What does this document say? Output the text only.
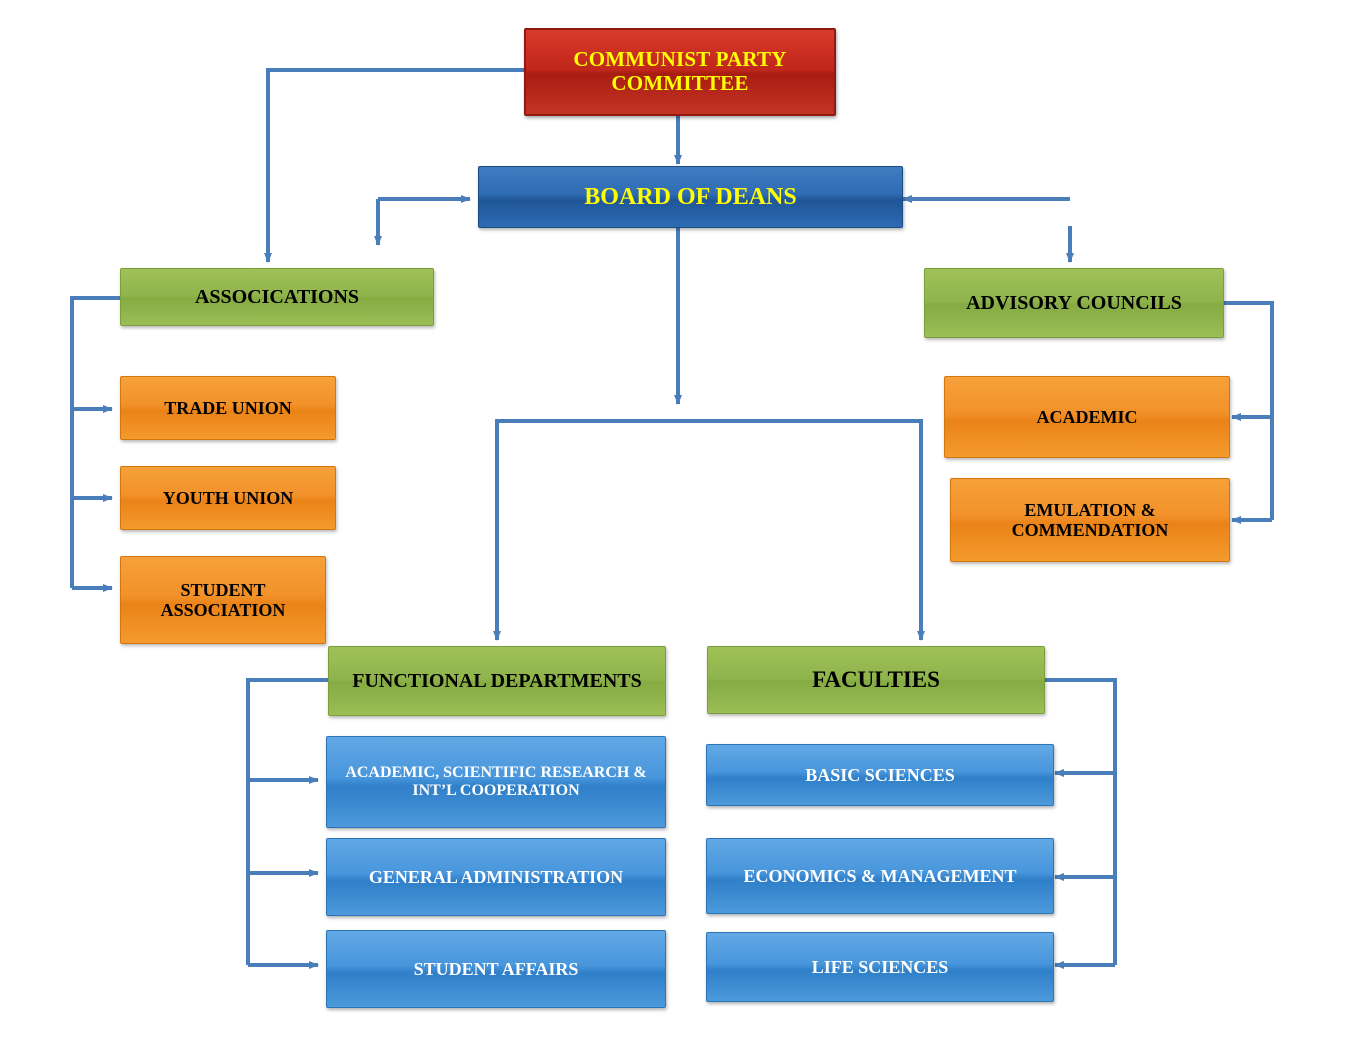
COMMUNIST PARTY COMMITTEE
BOARD OF DEANS
ASSOCICATIONS	ADVISORY COUNCILS
TRADE UNION
YOUTH UNION
STUDENT ASSOCIATION
ACADEMIC
EMULATION & COMMENDATION
FUNCTIONAL DEPARTMENTS	FACULTIES
ACADEMIC, SCIENTIFIC RESEARCH & INT’L COOPERATION
GENERAL ADMINISTRATION
STUDENT AFFAIRS
BASIC SCIENCES
ECONOMICS & MANAGEMENT
LIFE SCIENCES
